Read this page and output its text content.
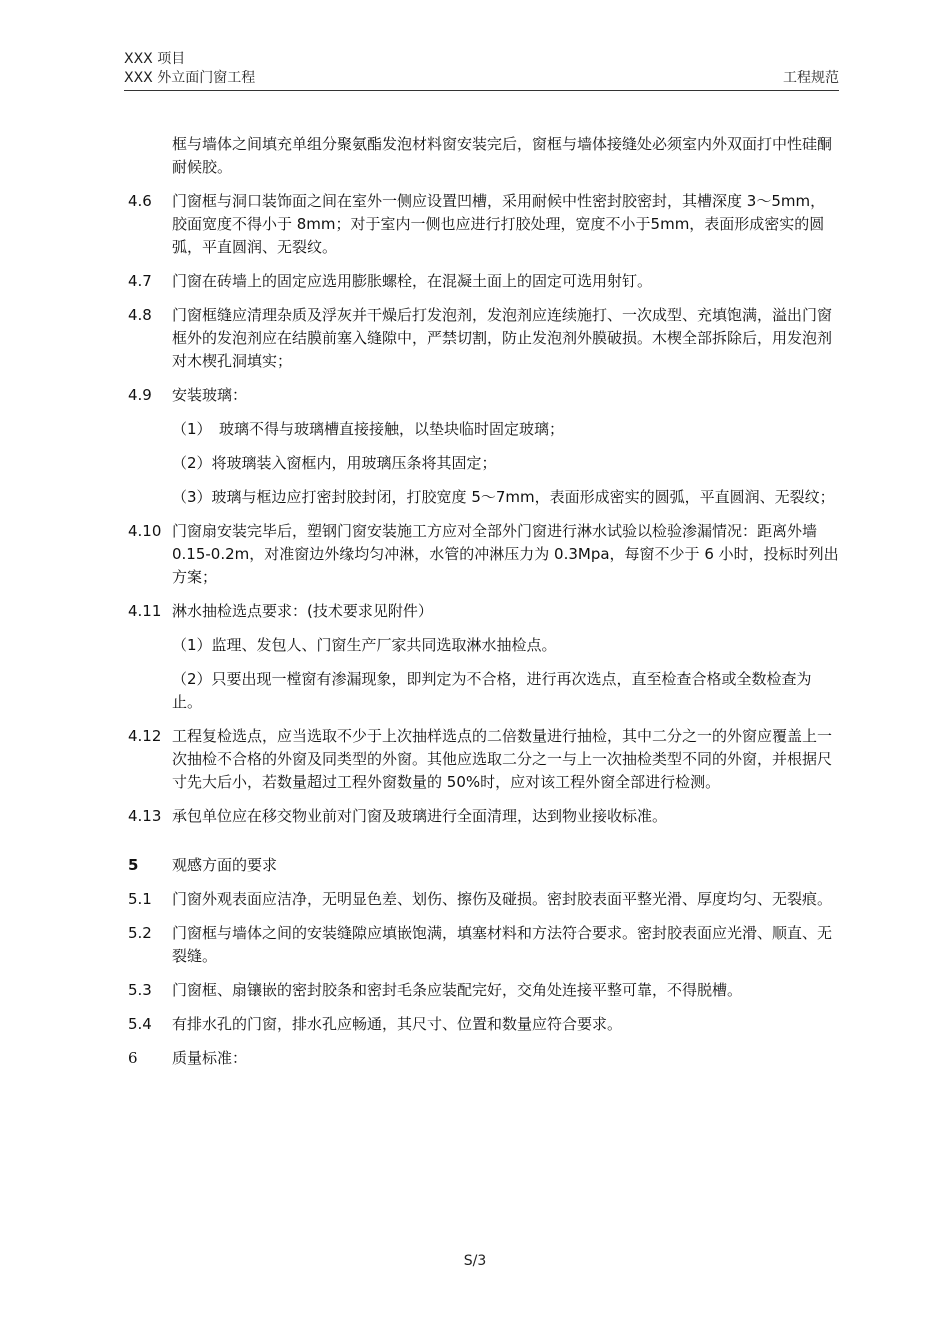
XXX 项目
XXX 外立面门窗工程	工程规范
框与墙体之间填充单组分聚氨酯发泡材料窗安装完后，窗框与墙体接缝处必须室内外双面打中性硅酮耐候胶。
4.6	门窗框与洞口装饰面之间在室外一侧应设置凹槽，采用耐候中性密封胶密封，其槽深度 3～5mm，胶面宽度不得小于 8mm；对于室内一侧也应进行打胶处理，宽度不小于5mm，表面形成密实的圆弧，平直圆润、无裂纹。
4.7	门窗在砖墙上的固定应选用膨胀螺栓，在混凝土面上的固定可选用射钉。
4.8	门窗框缝应清理杂质及浮灰并干燥后打发泡剂，发泡剂应连续施打、一次成型、充填饱满，溢出门窗框外的发泡剂应在结膜前塞入缝隙中，严禁切割，防止发泡剂外膜破损。木楔全部拆除后，用发泡剂对木楔孔洞填实；
4.9	安装玻璃：
（1）　玻璃不得与玻璃槽直接接触，以垫块临时固定玻璃；
（2）将玻璃装入窗框内，用玻璃压条将其固定；
（3）玻璃与框边应打密封胶封闭，打胶宽度 5～7mm，表面形成密实的圆弧，平直圆润、无裂纹；
4.10 门窗扇安装完毕后，塑钢门窗安装施工方应对全部外门窗进行淋水试验以检验渗漏情况：距离外墙 0.15-0.2m，对准窗边外缘均匀冲淋，水管的冲淋压力为 0.3Mpa，每窗不少于 6 小时，投标时列出方案；
4.11 淋水抽检选点要求：(技术要求见附件）
（1）监理、发包人、门窗生产厂家共同选取淋水抽检点。
（2）只要出现一樘窗有渗漏现象，即判定为不合格，进行再次选点，直至检查合格或全数检查为止。
4.12 工程复检选点，应当选取不少于上次抽样选点的二倍数量进行抽检，其中二分之一的外窗应覆盖上一次抽检不合格的外窗及同类型的外窗。其他应选取二分之一与上一次抽检类型不同的外窗，并根据尺寸先大后小，若数量超过工程外窗数量的 50%时，应对该工程外窗全部进行检测。
4.13 承包单位应在移交物业前对门窗及玻璃进行全面清理，达到物业接收标准。
5	观感方面的要求
5.1	门窗外观表面应洁净，无明显色差、划伤、擦伤及碰损。密封胶表面平整光滑、厚度均匀、无裂痕。
5.2	门窗框与墙体之间的安装缝隙应填嵌饱满，填塞材料和方法符合要求。密封胶表面应光滑、顺直、无裂缝。
5.3	门窗框、扇镶嵌的密封胶条和密封毛条应装配完好，交角处连接平整可靠，不得脱槽。
5.4	有排水孔的门窗，排水孔应畅通，其尺寸、位置和数量应符合要求。
6	质量标准：
S/3
